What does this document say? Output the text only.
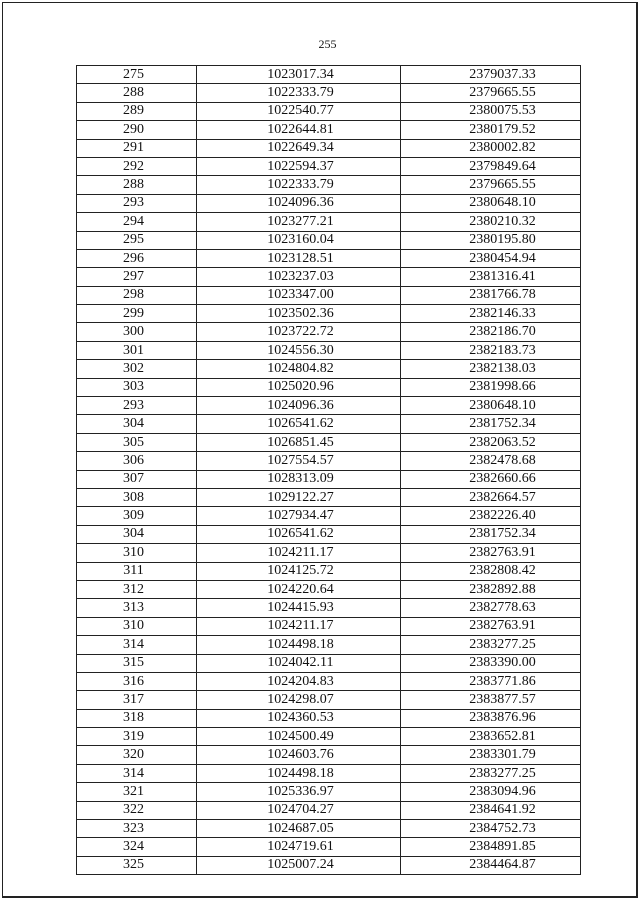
255
275	1023017.34	2379037.33
288	1022333.79	2379665.55
289	1022540.77	2380075.53
290	1022644.81	2380179.52
291	1022649.34	2380002.82
292	1022594.37	2379849.64
288	1022333.79	2379665.55
293	1024096.36	2380648.10
294	1023277.21	2380210.32
295	1023160.04	2380195.80
296	1023128.51	2380454.94
297	1023237.03	2381316.41
298	1023347.00	2381766.78
299	1023502.36	2382146.33
300	1023722.72	2382186.70
301	1024556.30	2382183.73
302	1024804.82	2382138.03
303	1025020.96	2381998.66
293	1024096.36	2380648.10
304	1026541.62	2381752.34
305	1026851.45	2382063.52
306	1027554.57	2382478.68
307	1028313.09	2382660.66
308	1029122.27	2382664.57
309	1027934.47	2382226.40
304	1026541.62	2381752.34
310	1024211.17	2382763.91
311	1024125.72	2382808.42
312	1024220.64	2382892.88
313	1024415.93	2382778.63
310	1024211.17	2382763.91
314	1024498.18	2383277.25
315	1024042.11	2383390.00
316	1024204.83	2383771.86
317	1024298.07	2383877.57
318	1024360.53	2383876.96
319	1024500.49	2383652.81
320	1024603.76	2383301.79
314	1024498.18	2383277.25
321	1025336.97	2383094.96
322	1024704.27	2384641.92
323	1024687.05	2384752.73
324	1024719.61	2384891.85
325	1025007.24	2384464.87
